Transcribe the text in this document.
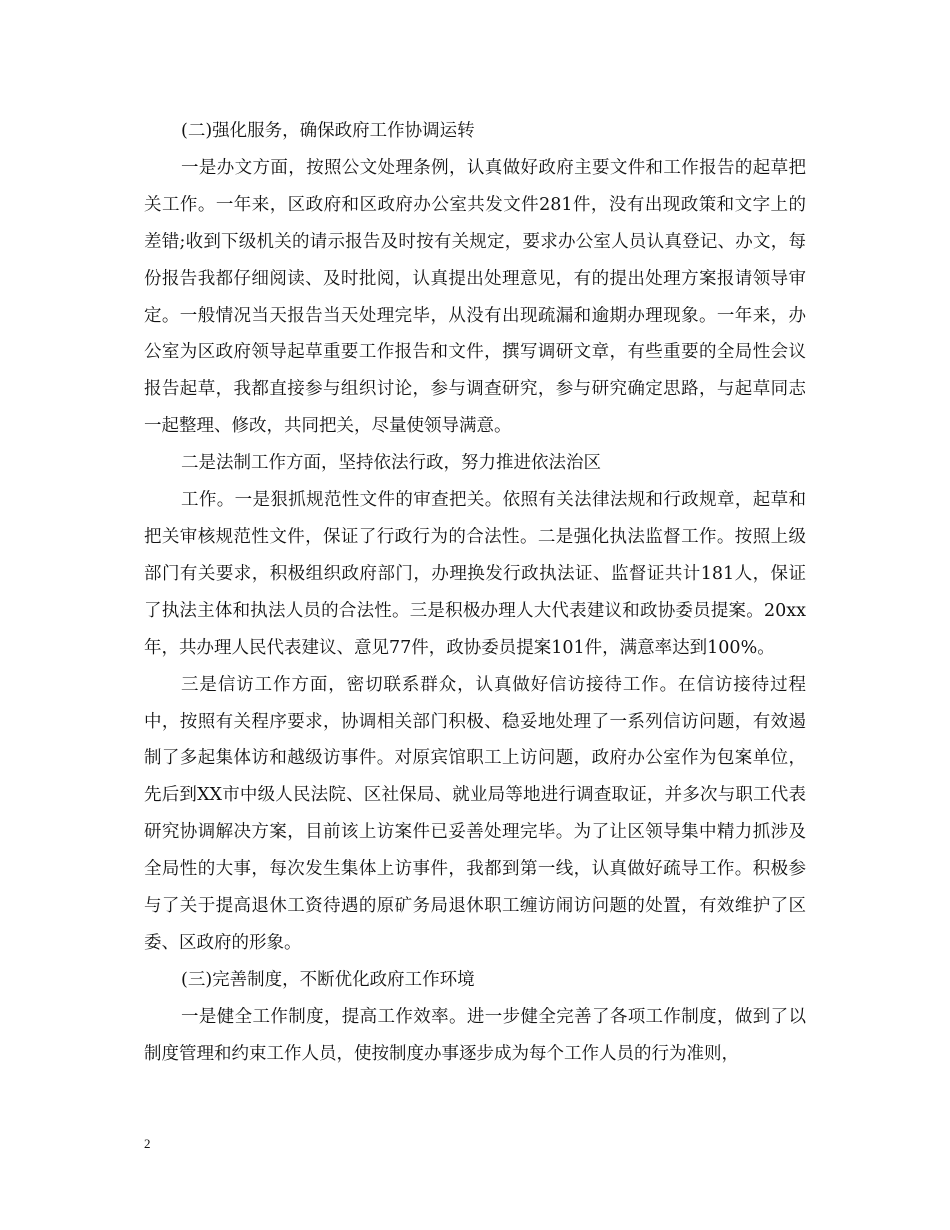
(二)强化服务，确保政府工作协调运转

一是办文方面，按照公文处理条例，认真做好政府主要文件和工作报告的起草把关工作。一年来，区政府和区政府办公室共发文件281件，没有出现政策和文字上的差错;收到下级机关的请示报告及时按有关规定，要求办公室人员认真登记、办文，每份报告我都仔细阅读、及时批阅，认真提出处理意见，有的提出处理方案报请领导审定。一般情况当天报告当天处理完毕，从没有出现疏漏和逾期办理现象。一年来，办公室为区政府领导起草重要工作报告和文件，撰写调研文章，有些重要的全局性会议报告起草，我都直接参与组织讨论，参与调查研究，参与研究确定思路，与起草同志一起整理、修改，共同把关，尽量使领导满意。

二是法制工作方面，坚持依法行政，努力推进依法治区

工作。一是狠抓规范性文件的审查把关。依照有关法律法规和行政规章，起草和把关审核规范性文件，保证了行政行为的合法性。二是强化执法监督工作。按照上级部门有关要求，积极组织政府部门，办理换发行政执法证、监督证共计181人，保证了执法主体和执法人员的合法性。三是积极办理人大代表建议和政协委员提案。20xx年，共办理人民代表建议、意见77件，政协委员提案101件，满意率达到100%。

三是信访工作方面，密切联系群众，认真做好信访接待工作。在信访接待过程中，按照有关程序要求，协调相关部门积极、稳妥地处理了一系列信访问题，有效遏制了多起集体访和越级访事件。对原宾馆职工上访问题，政府办公室作为包案单位，先后到XX市中级人民法院、区社保局、就业局等地进行调查取证，并多次与职工代表研究协调解决方案，目前该上访案件已妥善处理完毕。为了让区领导集中精力抓涉及全局性的大事，每次发生集体上访事件，我都到第一线，认真做好疏导工作。积极参与了关于提高退休工资待遇的原矿务局退休职工缠访闹访问题的处置，有效维护了区委、区政府的形象。

(三)完善制度，不断优化政府工作环境

一是健全工作制度，提高工作效率。进一步健全完善了各项工作制度，做到了以制度管理和约束工作人员，使按制度办事逐步成为每个工作人员的行为准则，

2
